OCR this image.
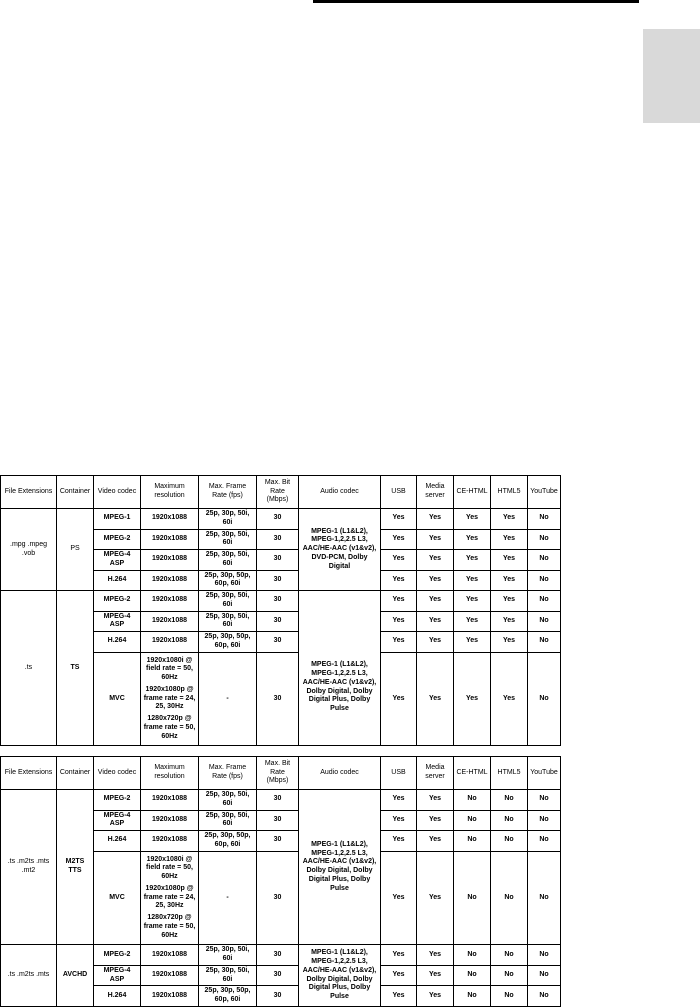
File Extensions	Container	Video codec	Maximum resolution	Max. Frame Rate (fps)	Max. Bit Rate (Mbps)	Audio codec	USB	Media server	CE-HTML	HTML5	YouTube
.mpg .mpeg .vob	PS	MPEG-1	1920x1088	25p, 30p, 50i, 60i	30	MPEG-1 (L1&L2), MPEG-1,2,2.5 L3, AAC/HE-AAC (v1&v2), DVD-PCM, Dolby Digital	Yes	Yes	Yes	Yes	No
		MPEG-2	1920x1088	25p, 30p, 50i, 60i	30		Yes	Yes	Yes	Yes	No
		MPEG-4 ASP	1920x1088	25p, 30p, 50i, 60i	30		Yes	Yes	Yes	Yes	No
		H.264	1920x1088	25p, 30p, 50p, 60p, 60i	30		Yes	Yes	Yes	Yes	No
.ts	TS	MPEG-2	1920x1088	25p, 30p, 50i, 60i	30	MPEG-1 (L1&L2), MPEG-1,2,2.5 L3, AAC/HE-AAC (v1&v2), Dolby Digital, Dolby Digital Plus, Dolby Pulse	Yes	Yes	Yes	Yes	No
		MPEG-4 ASP	1920x1088	25p, 30p, 50i, 60i	30		Yes	Yes	Yes	Yes	No
		H.264	1920x1088	25p, 30p, 50p, 60p, 60i	30		Yes	Yes	Yes	Yes	No
		MVC	1920x1080i @ field rate = 50, 60Hz
1920x1080p @ frame rate = 24, 25, 30Hz
1280x720p @ frame rate = 50, 60Hz	-	30		Yes	Yes	Yes	Yes	No
File Extensions	Container	Video codec	Maximum resolution	Max. Frame Rate (fps)	Max. Bit Rate (Mbps)	Audio codec	USB	Media server	CE-HTML	HTML5	YouTube
.ts .m2ts .mts .mt2	M2TS TTS	MPEG-2	1920x1088	25p, 30p, 50i, 60i	30	MPEG-1 (L1&L2), MPEG-1,2,2.5 L3, AAC/HE-AAC (v1&v2), Dolby Digital, Dolby Digital Plus, Dolby Pulse	Yes	Yes	No	No	No
		MPEG-4 ASP	1920x1088	25p, 30p, 50i, 60i	30		Yes	Yes	No	No	No
		H.264	1920x1088	25p, 30p, 50p, 60p, 60i	30		Yes	Yes	No	No	No
		MVC	1920x1080i @ field rate = 50, 60Hz
1920x1080p @ frame rate = 24, 25, 30Hz
1280x720p @ frame rate = 50, 60Hz	-	30		Yes	Yes	No	No	No
.ts .m2ts .mts	AVCHD	MPEG-2	1920x1088	25p, 30p, 50i, 60i	30	MPEG-1 (L1&L2), MPEG-1,2,2.5 L3, AAC/HE-AAC (v1&v2), Dolby Digital, Dolby Digital Plus, Dolby Pulse	Yes	Yes	No	No	No
		MPEG-4 ASP	1920x1088	25p, 30p, 50i, 60i	30		Yes	Yes	No	No	No
		H.264	1920x1088	25p, 30p, 50p, 60p, 60i	30		Yes	Yes	No	No	No
